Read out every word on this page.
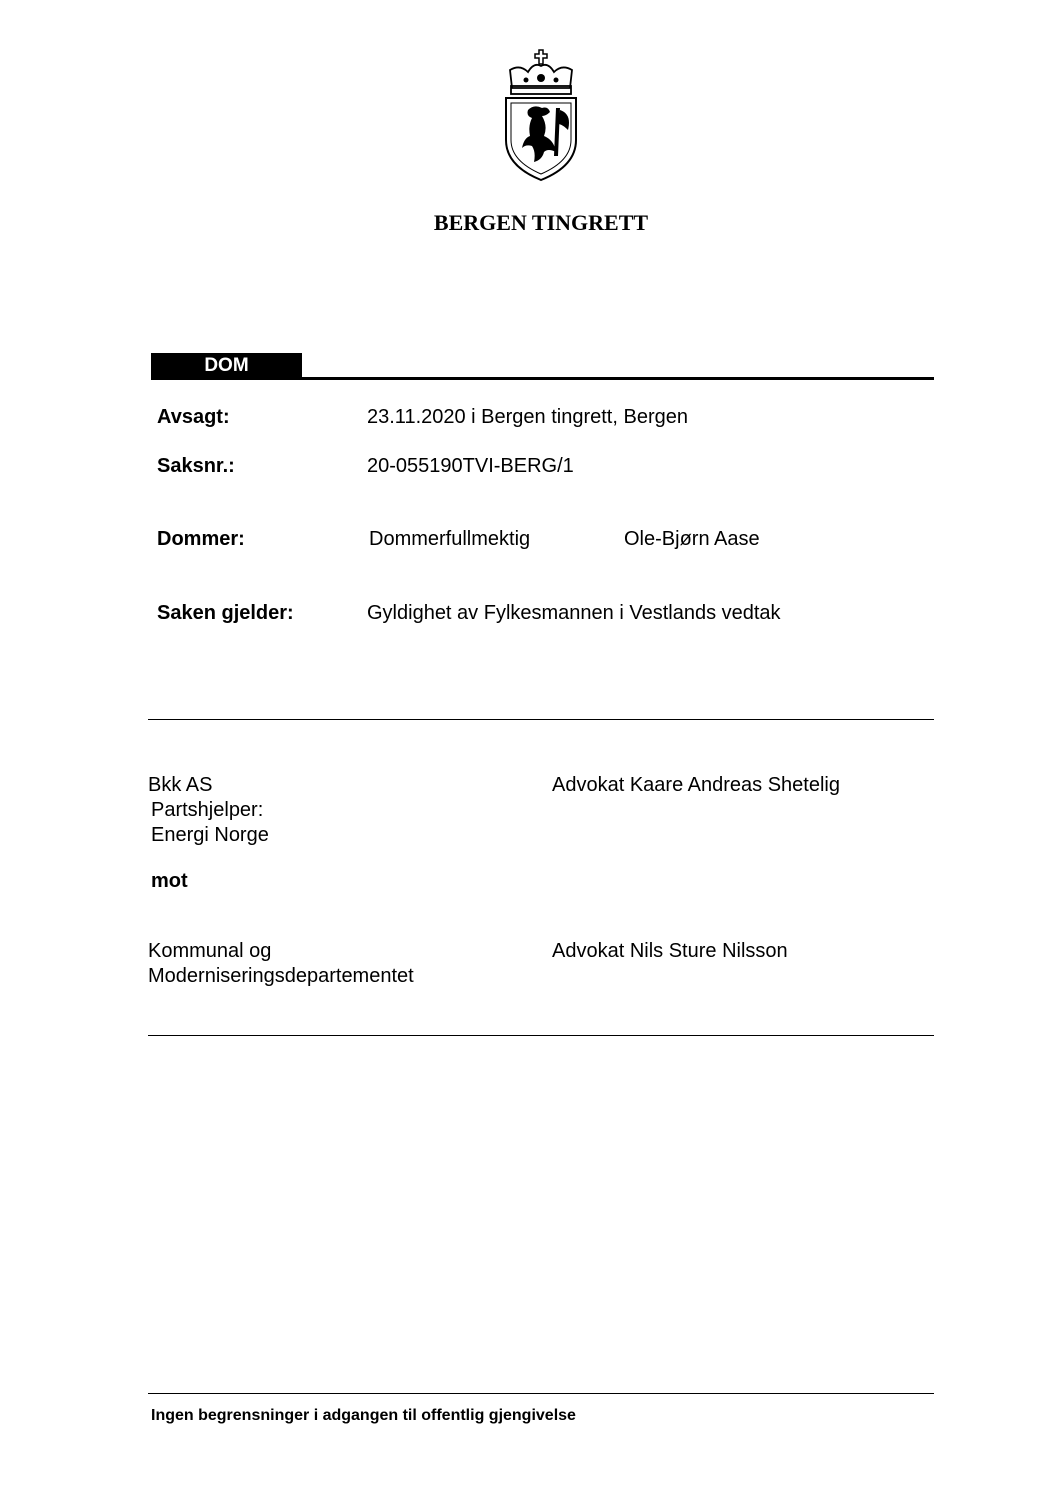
BERGEN TINGRETT
DOM
Avsagt:	23.11.2020 i Bergen tingrett, Bergen
Saksnr.:	20-055190TVI-BERG/1
Dommer:	Dommerfullmektig	Ole-Bjørn Aase
Saken gjelder:	Gyldighet av Fylkesmannen i Vestlands vedtak
Bkk AS
Partshjelper:
Energi Norge
Advokat Kaare Andreas Shetelig
mot
Kommunal og
Moderniseringsdepartementet
Advokat Nils Sture Nilsson
Ingen begrensninger i adgangen til offentlig gjengivelse
